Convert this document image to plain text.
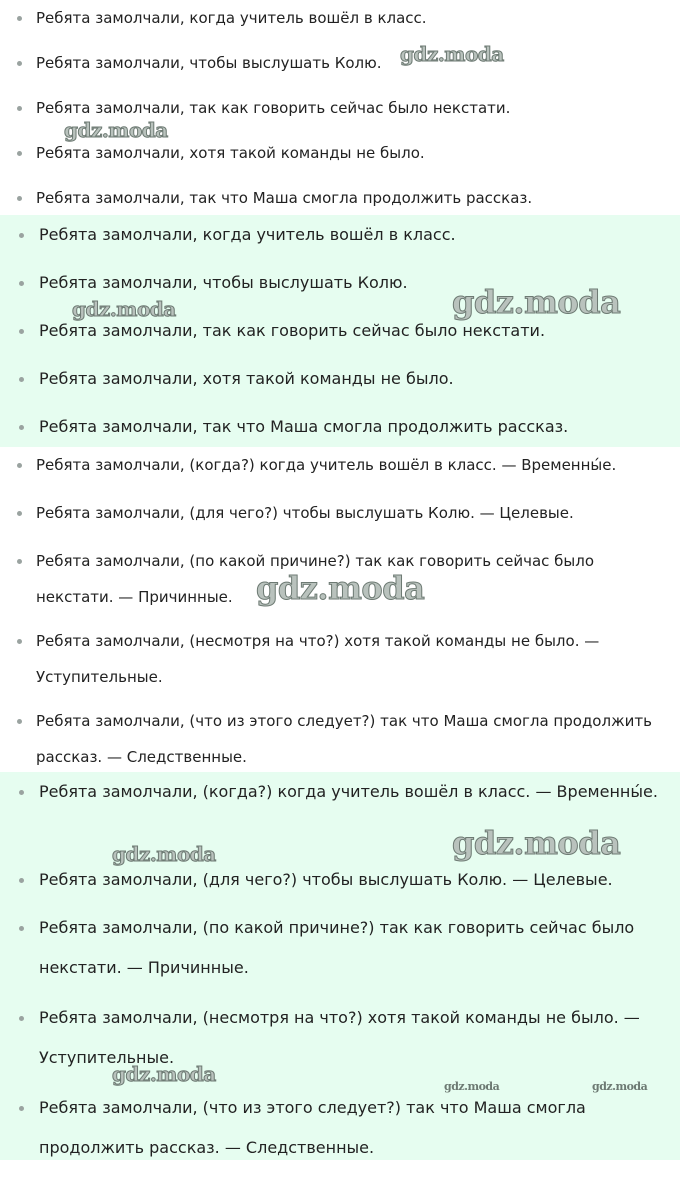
Ребята замолчали, когда учитель вошёл в класс.
Ребята замолчали, чтобы выслушать Колю.
Ребята замолчали, так как говорить сейчас было некстати.
Ребята замолчали, хотя такой команды не было.
Ребята замолчали, так что Маша смогла продолжить рассказ.
gdz.moda
gdz.moda
Ребята замолчали, когда учитель вошёл в класс.
Ребята замолчали, чтобы выслушать Колю.
Ребята замолчали, так как говорить сейчас было некстати.
Ребята замолчали, хотя такой команды не было.
Ребята замолчали, так что Маша смогла продолжить рассказ.
gdz.moda	gdz.moda
Ребята замолчали, (когда?) когда учитель вошёл в класс. — Временны́е.
Ребята замолчали, (для чего?) чтобы выслушать Колю. — Целевые.
Ребята замолчали, (по какой причине?) так как говорить сейчас было некстати. — Причинные.
Ребята замолчали, (несмотря на что?) хотя такой команды не было. — Уступительные.
Ребята замолчали, (что из этого следует?) так что Маша смогла продолжить рассказ. — Следственные.
gdz.moda
Ребята замолчали, (когда?) когда учитель вошёл в класс. — Временны́е.
Ребята замолчали, (для чего?) чтобы выслушать Колю. — Целевые.
Ребята замолчали, (по какой причине?) так как говорить сейчас было некстати. — Причинные.
Ребята замолчали, (несмотря на что?) хотя такой команды не было. — Уступительные.
Ребята замолчали, (что из этого следует?) так что Маша смогла продолжить рассказ. — Следственные.
gdz.moda	gdz.moda
gdz.moda
gdz.moda	gdz.moda
